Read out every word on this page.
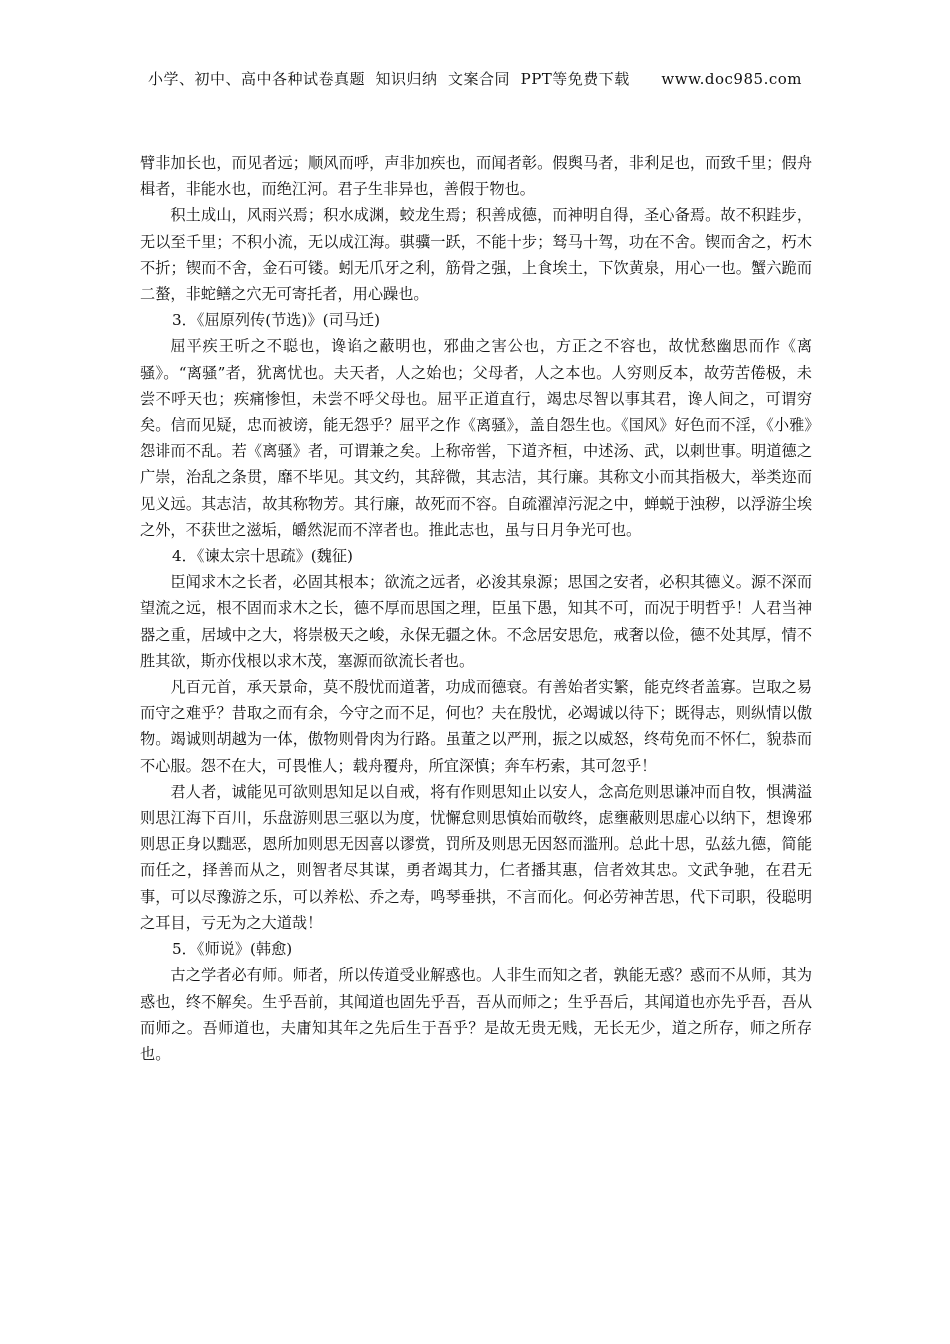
小学、初中、高中各种试卷真题  知识归纳  文案合同  PPT等免费下载      www.doc985.com

臂非加长也，而见者远；顺风而呼，声非加疾也，而闻者彰。假舆马者，非利足也，而致千里；假舟楫者，非能水也，而绝江河。君子生非异也，善假于物也。

积土成山，风雨兴焉；积水成渊，蛟龙生焉；积善成德，而神明自得，圣心备焉。故不积跬步，无以至千里；不积小流，无以成江海。骐骥一跃，不能十步；驽马十驾，功在不舍。锲而舍之，朽木不折；锲而不舍，金石可镂。蚓无爪牙之利，筋骨之强，上食埃土，下饮黄泉，用心一也。蟹六跪而二螯，非蛇鳝之穴无可寄托者，用心躁也。

3．《屈原列传(节选)》(司马迁)

屈平疾王听之不聪也，谗谄之蔽明也，邪曲之害公也，方正之不容也，故忧愁幽思而作《离骚》。“离骚”者，犹离忧也。夫天者，人之始也；父母者，人之本也。人穷则反本，故劳苦倦极，未尝不呼天也；疾痛惨怛，未尝不呼父母也。屈平正道直行，竭忠尽智以事其君，谗人间之，可谓穷矣。信而见疑，忠而被谤，能无怨乎？屈平之作《离骚》，盖自怨生也。《国风》好色而不淫，《小雅》怨诽而不乱。若《离骚》者，可谓兼之矣。上称帝喾，下道齐桓，中述汤、武，以刺世事。明道德之广崇，治乱之条贯，靡不毕见。其文约，其辞微，其志洁，其行廉。其称文小而其指极大，举类迩而见义远。其志洁，故其称物芳。其行廉，故死而不容。自疏濯淖污泥之中，蝉蜕于浊秽，以浮游尘埃之外，不获世之滋垢，皭然泥而不滓者也。推此志也，虽与日月争光可也。

4．《谏太宗十思疏》(魏征)

臣闻求木之长者，必固其根本；欲流之远者，必浚其泉源；思国之安者，必积其德义。源不深而望流之远，根不固而求木之长，德不厚而思国之理，臣虽下愚，知其不可，而况于明哲乎！人君当神器之重，居域中之大，将崇极天之峻，永保无疆之休。不念居安思危，戒奢以俭，德不处其厚，情不胜其欲，斯亦伐根以求木茂，塞源而欲流长者也。

凡百元首，承天景命，莫不殷忧而道著，功成而德衰。有善始者实繁，能克终者盖寡。岂取之易而守之难乎？昔取之而有余，今守之而不足，何也？夫在殷忧，必竭诚以待下；既得志，则纵情以傲物。竭诚则胡越为一体，傲物则骨肉为行路。虽董之以严刑，振之以威怒，终苟免而不怀仁，貌恭而不心服。怨不在大，可畏惟人；载舟覆舟，所宜深慎；奔车朽索，其可忽乎！

君人者，诚能见可欲则思知足以自戒，将有作则思知止以安人，念高危则思谦冲而自牧，惧满溢则思江海下百川，乐盘游则思三驱以为度，忧懈怠则思慎始而敬终，虑壅蔽则思虚心以纳下，想谗邪则思正身以黜恶，恩所加则思无因喜以谬赏，罚所及则思无因怒而滥刑。总此十思，弘兹九德，简能而任之，择善而从之，则智者尽其谋，勇者竭其力，仁者播其惠，信者效其忠。文武争驰，在君无事，可以尽豫游之乐，可以养松、乔之寿，鸣琴垂拱，不言而化。何必劳神苦思，代下司职，役聪明之耳目，亏无为之大道哉！

5．《师说》(韩愈)

古之学者必有师。师者，所以传道受业解惑也。人非生而知之者，孰能无惑？惑而不从师，其为惑也，终不解矣。生乎吾前，其闻道也固先乎吾，吾从而师之；生乎吾后，其闻道也亦先乎吾，吾从而师之。吾师道也，夫庸知其年之先后生于吾乎？是故无贵无贱，无长无少，道之所存，师之所存也。
